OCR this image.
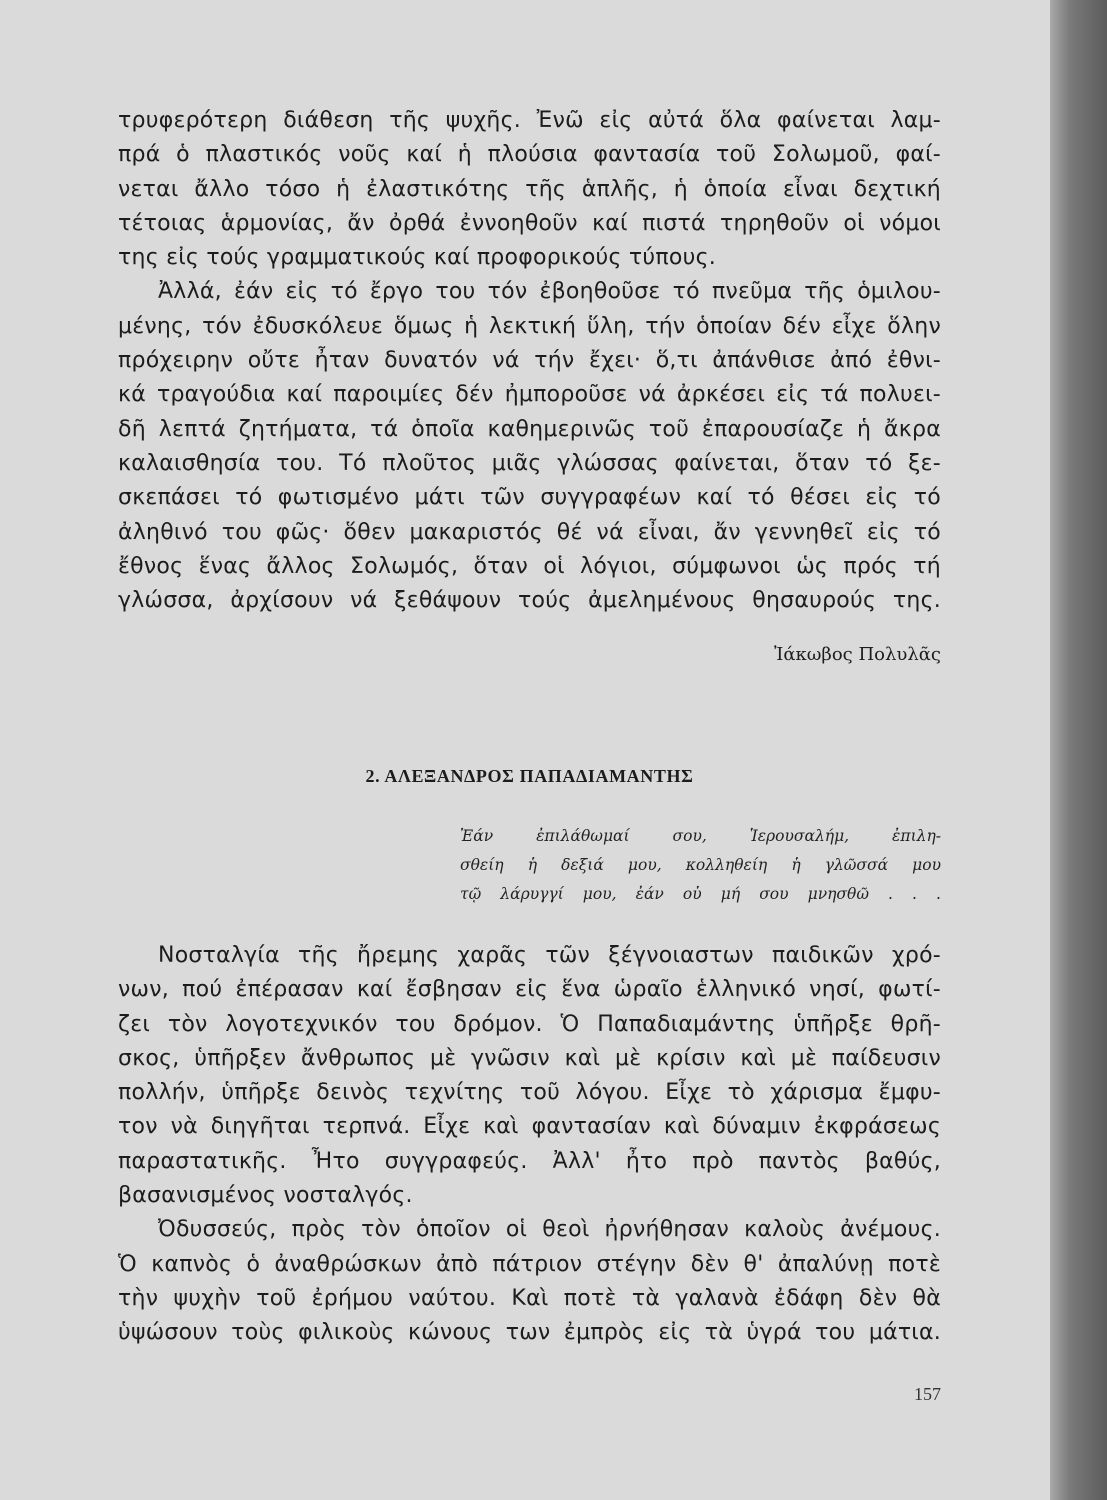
τρυφερότερη διάθεση τῆς ψυχῆς. Ἐνῶ εἰς αὐτά ὅλα φαίνεται λαμ-
πρά ὁ πλαστικός νοῦς καί ἡ πλούσια φαντασία τοῦ Σολωμοῦ, φαί-
νεται ἄλλο τόσο ἡ ἐλαστικότης τῆς ἁπλῆς, ἡ ὁποία εἶναι δεχτική
τέτοιας ἁρμονίας, ἄν ὀρθά ἐννοηθοῦν καί πιστά τηρηθοῦν οἱ νόμοι
της εἰς τούς γραμματικούς καί προφορικούς τύπους.
Ἀλλά, ἐάν εἰς τό ἔργο του τόν ἐβοηθοῦσε τό πνεῦμα τῆς ὁμιλου-
μένης, τόν ἐδυσκόλευε ὅμως ἡ λεκτική ὕλη, τήν ὁποίαν δέν εἶχε ὅλην
πρόχειρην οὔτε ἦταν δυνατόν νά τήν ἔχει· ὅ,τι ἀπάνθισε ἀπό ἐθνι-
κά τραγούδια καί παροιμίες δέν ἠμποροῦσε νά ἀρκέσει εἰς τά πολυει-
δῆ λεπτά ζητήματα, τά ὁποῖα καθημερινῶς τοῦ ἐπαρουσίαζε ἡ ἄκρα
καλαισθησία του. Τό πλοῦτος μιᾶς γλώσσας φαίνεται, ὅταν τό ξε-
σκεπάσει τό φωτισμένο μάτι τῶν συγγραφέων καί τό θέσει εἰς τό
ἀληθινό του φῶς· ὅθεν μακαριστός θέ νά εἶναι, ἄν γεννηθεῖ εἰς τό
ἔθνος ἕνας ἄλλος Σολωμός, ὅταν οἱ λόγιοι, σύμφωνοι ὡς πρός τή
γλώσσα, ἀρχίσουν νά ξεθάψουν τούς ἀμελημένους θησαυρούς της.
Ἰάκωβος Πολυλᾶς
2. ΑΛΕΞΑΝΔΡΟΣ ΠΑΠΑΔΙΑΜΑΝΤΗΣ
Ἐάν ἐπιλάθωμαί σου, Ἱερουσαλήμ, ἐπιλη-
σθείη ἡ δεξιά μου, κολληθείη ἡ γλῶσσά μου
τῷ λάρυγγί μου, ἐάν οὐ μή σου μνησθῶ . . .
Νοσταλγία τῆς ἤρεμης χαρᾶς τῶν ξέγνοιαστων παιδικῶν χρό-
νων, πού ἐπέρασαν καί ἔσβησαν εἰς ἕνα ὡραῖο ἑλληνικό νησί, φωτί-
ζει τὸν λογοτεχνικόν του δρόμον. Ὁ Παπαδιαμάντης ὑπῆρξε θρῆ-
σκος, ὑπῆρξεν ἄνθρωπος μὲ γνῶσιν καὶ μὲ κρίσιν καὶ μὲ παίδευσιν
πολλήν, ὑπῆρξε δεινὸς τεχνίτης τοῦ λόγου. Εἶχε τὸ χάρισμα ἔμφυ-
τον νὰ διηγῆται τερπνά. Εἶχε καὶ φαντασίαν καὶ δύναμιν ἐκφράσεως
παραστατικῆς. Ἦτο συγγραφεύς. Ἀλλ' ἦτο πρὸ παντὸς βαθύς,
βασανισμένος νοσταλγός.
Ὀδυσσεύς, πρὸς τὸν ὁποῖον οἱ θεοὶ ἠρνήθησαν καλοὺς ἀνέμους.
Ὁ καπνὸς ὁ ἀναθρώσκων ἀπὸ πάτριον στέγην δὲν θ' ἀπαλύνῃ ποτὲ
τὴν ψυχὴν τοῦ ἐρήμου ναύτου. Καὶ ποτὲ τὰ γαλανὰ ἐδάφη δὲν θὰ
ὑψώσουν τοὺς φιλικοὺς κώνους των ἐμπρὸς εἰς τὰ ὑγρά του μάτια.
157
